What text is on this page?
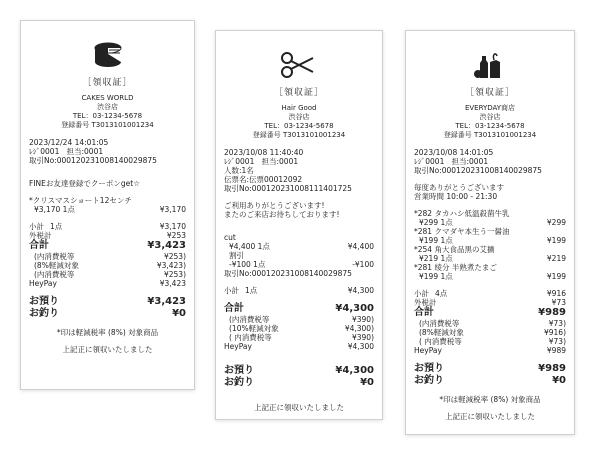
［領収証］
CAKES WORLD
渋谷店
TEL：03-1234-5678
登録番号 T3013101001234
2023/12/24 14:01:05
ﾚｼﾞ0001 担当:0001
取引No:00012023100814002987​5
FINEお友達登録でクーポンget☆
*クリスマスショート12センチ
¥3,170 1点	¥3,170
小計 1点	¥3,170
外税計	¥253
合計	¥3,423
(内消費税等	¥253)
(8%軽減対象	¥3,423)
(内消費税等	¥253)
HeyPay	¥3,423
お預り	¥3,423
お釣り	¥0
*印は軽減税率 (8%) 対象商品
上記正に領収いたしました
［領収証］
Hair Good
渋谷店
TEL：03-1234-5678
登録番号 T3013101001234
2023/10/08 11:40:40
ﾚｼﾞ0001 担当:0001
人数:1名
伝票名:伝票00012092
取引No:000120231008111401725
ご利用ありがとうございます!
またのご来店お待ちしております!
cut
¥4,400 1点	¥4,400
割引
-¥100 1点	-¥100
取引No:000120231008140029875
小計 1点	¥4,300
合計	¥4,300
(内消費税等	¥390)
(10%軽減対象	¥4,300)
( 内消費税等	¥390)
HeyPay	¥4,300
お預り	¥4,300
お釣り	¥0
上記正に領収いたしました
［領収証］
EVERYDAY商店
渋谷店
TEL：03-1234-5678
登録番号 T3013101001234
2023/10/08 14:01:05
ﾚｼﾞ0001 担当:0001
取引No:000120231008140029875
毎度ありがとうございます
営業時間 10:00 - 21:30
*282 タカハシ低温殺菌牛乳
¥299 1点	¥299
*281 クマダヤ本生う一醤油
¥199 1点	¥199
*254 角大食品黒の艾擴
¥219 1点	¥219
*281 绫分 半熟煮たまご
¥199 1点	¥199
小計 4点	¥916
外税計	¥73
合計	¥989
(内消費税等	¥73)
(8%軽減対象	¥916)
( 内消費税等	¥73)
HeyPay	¥989
お預り	¥989
お釣り	¥0
*印は軽減税率 (8%) 対象商品
上記正に領収いたしました
